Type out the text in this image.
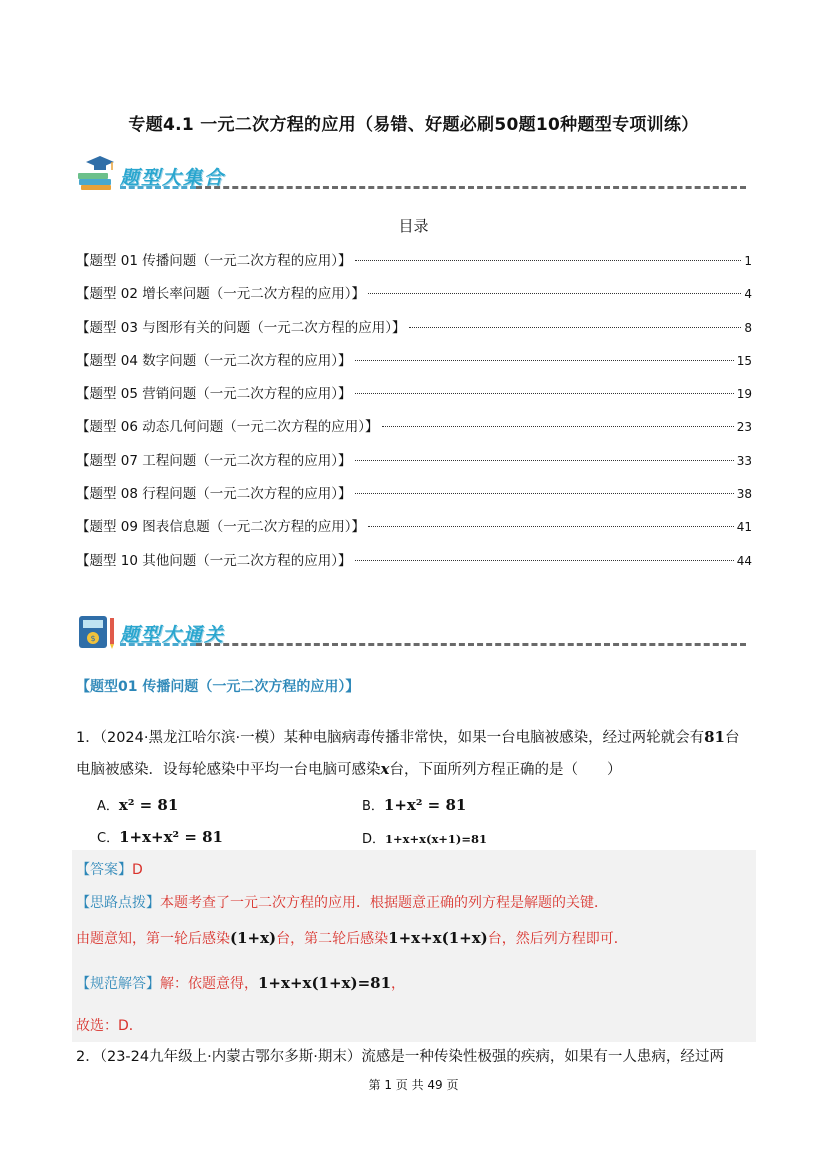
专题4.1 一元二次方程的应用（易错、好题必刷50题10种题型专项训练）
题型大集合
目录
【题型 01 传播问题（一元二次方程的应用）】	1
【题型 02 增长率问题（一元二次方程的应用）】	4
【题型 03 与图形有关的问题（一元二次方程的应用）】	8
【题型 04 数字问题（一元二次方程的应用）】	15
【题型 05 营销问题（一元二次方程的应用）】	19
【题型 06 动态几何问题（一元二次方程的应用）】	23
【题型 07 工程问题（一元二次方程的应用）】	33
【题型 08 行程问题（一元二次方程的应用）】	38
【题型 09 图表信息题（一元二次方程的应用）】	41
【题型 10 其他问题（一元二次方程的应用）】	44
$ 题型大通关
【题型01 传播问题（一元二次方程的应用）】
1．（2024·黑龙江哈尔滨·一模）某种电脑病毒传播非常快，如果一台电脑被感染，经过两轮就会有81台
电脑被感染．设每轮感染中平均一台电脑可感染x台，下面所列方程正确的是（　　）
A．x² = 81	B．1+x² = 81
C．1+x+x² = 81	D．1+x+x(x+1)=81
【答案】D
【思路点拨】本题考查了一元二次方程的应用．根据题意正确的列方程是解题的关键．
由题意知，第一轮后感染(1+x)台，第二轮后感染1+x+x(1+x)台，然后列方程即可．
【规范解答】解：依题意得，1+x+x(1+x)=81，
故选：D．
2．（23-24九年级上·内蒙古鄂尔多斯·期末）流感是一种传染性极强的疾病，如果有一人患病，经过两
第 1 页 共 49 页
